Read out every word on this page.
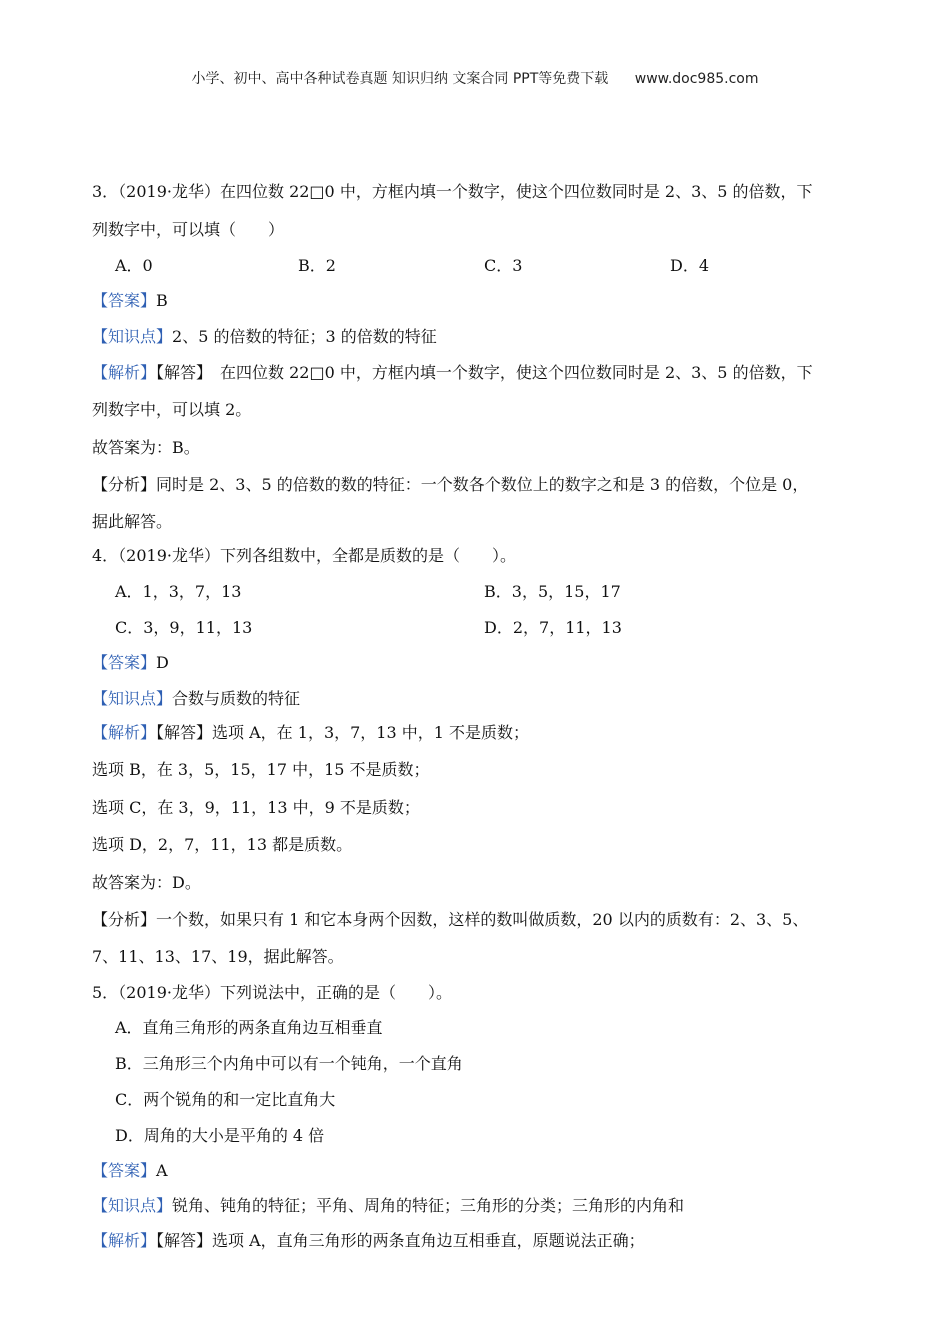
小学、初中、高中各种试卷真题 知识归纳 文案合同 PPT等免费下载 www.doc985.com
3．（2019·龙华）在四位数 22□0 中，方框内填一个数字，使这个四位数同时是 2、3、5 的倍数，下
列数字中，可以填（　　）
A．0	B．2	C．3	D．4
【答案】B
【知识点】2、5 的倍数的特征；3 的倍数的特征
【解析】【解答】　在四位数 22□0 中，方框内填一个数字，使这个四位数同时是 2、3、5 的倍数，下
列数字中，可以填 2。
故答案为：B。
【分析】同时是 2、3、5 的倍数的数的特征：一个数各个数位上的数字之和是 3 的倍数，个位是 0，
据此解答。
4．（2019·龙华）下列各组数中，全都是质数的是（　　）。
A．1，3，7，13	B．3，5，15，17
C．3，9，11，13	D．2，7，11，13
【答案】D
【知识点】合数与质数的特征
【解析】【解答】选项 A，在 1，3，7，13 中，1 不是质数；
选项 B，在 3，5，15，17 中，15 不是质数；
选项 C，在 3，9，11，13 中，9 不是质数；
选项 D，2，7，11，13 都是质数。
故答案为：D。
【分析】一个数，如果只有 1 和它本身两个因数，这样的数叫做质数，20 以内的质数有：2、3、5、
7、11、13、17、19，据此解答。
5．（2019·龙华）下列说法中，正确的是（　　）。
A．直角三角形的两条直角边互相垂直
B．三角形三个内角中可以有一个钝角，一个直角
C．两个锐角的和一定比直角大
D．周角的大小是平角的 4 倍
【答案】A
【知识点】锐角、钝角的特征；平角、周角的特征；三角形的分类；三角形的内角和
【解析】【解答】选项 A，直角三角形的两条直角边互相垂直，原题说法正确；
